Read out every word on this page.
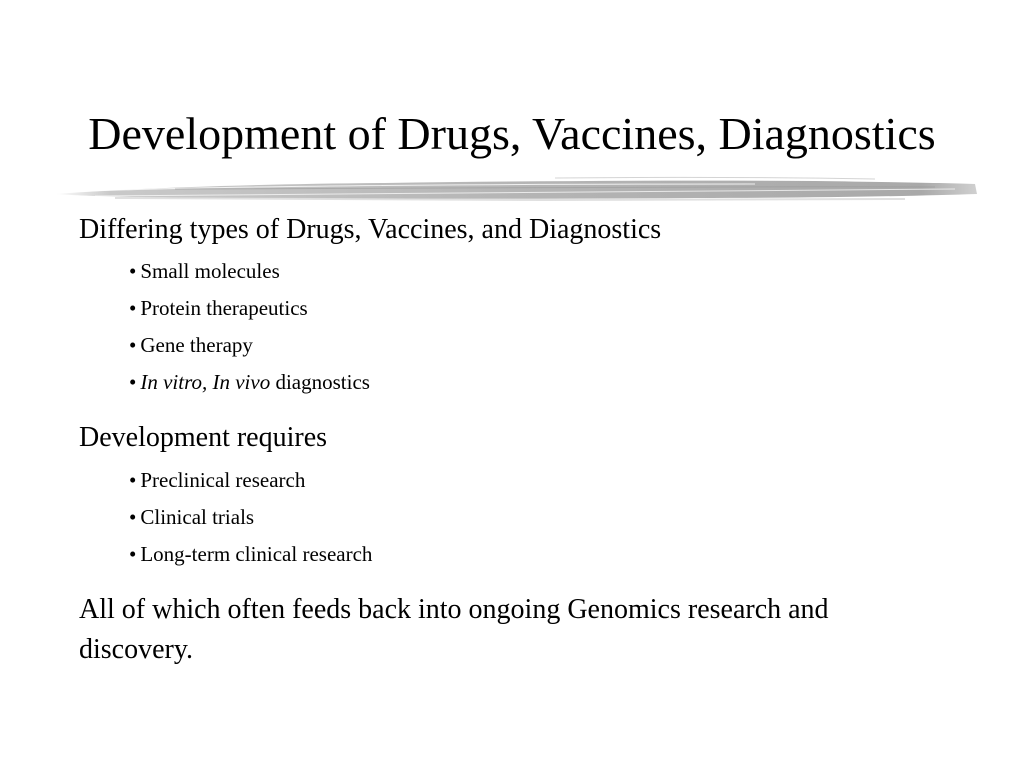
Development of Drugs, Vaccines, Diagnostics
Differing types of Drugs, Vaccines, and Diagnostics
• Small molecules
• Protein therapeutics
• Gene therapy
• In vitro, In vivo diagnostics
Development requires
• Preclinical research
• Clinical trials
• Long-term clinical research
All of which often feeds back into ongoing Genomics research and discovery.
